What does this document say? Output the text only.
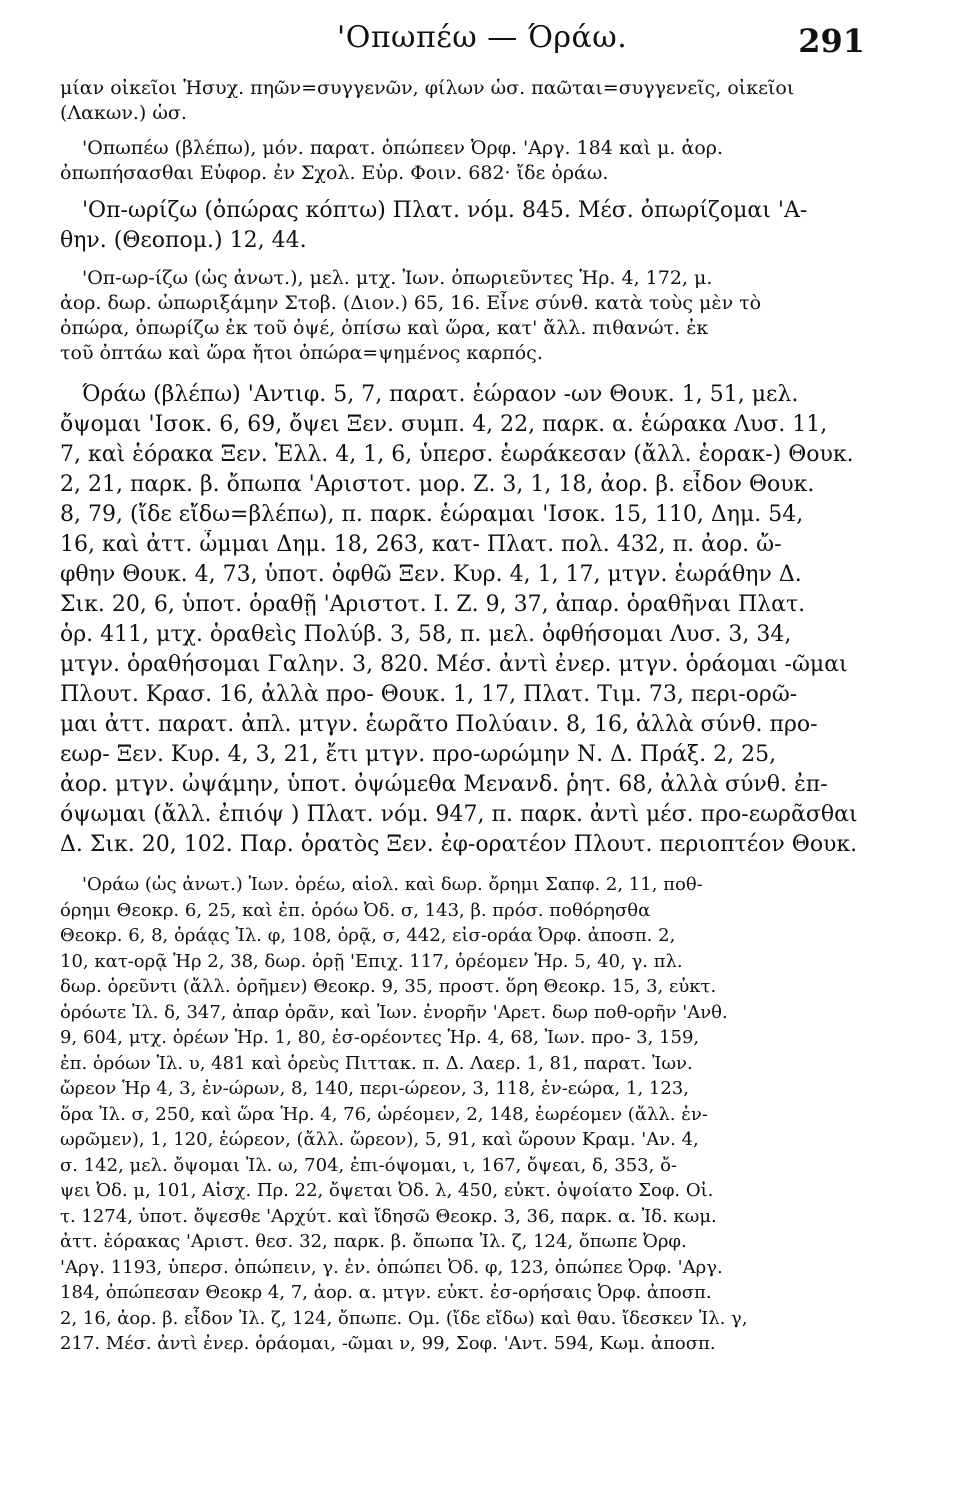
'Οπωπέω — Όράω.	291

μίαν οἰκεῖοι Ἡσυχ. πηῶν=συγγενῶν, φίλων ὡσ. παῶται=συγγενεῖς, οἰκεῖοι

(Λακων.) ὡσ.

'Οπωπέω (βλέπω), μόν. παρατ. ὀπώπεεν Ὀρφ. 'Αργ. 184 καὶ μ. ἀορ.

ὀπωπήσασθαι Εὐφορ. ἐν Σχολ. Εὐρ. Φοιν. 682· ἴδε ὁράω.

'Οπ-ωρίζω (ὀπώρας κόπτω) Πλατ. νόμ. 845. Μέσ. ὀπωρίζομαι 'Α-

θην. (Θεοπομ.) 12, 44.

'Οπ-ωρ-ίζω (ὡς ἀνωτ.), μελ. μτχ. Ἰων. ὀπωριεῦντες Ἡρ. 4, 172, μ.

ἀορ. δωρ. ὠπωριξάμην Στοβ. (Διον.) 65, 16. Εἶνε σύνθ. κατὰ τοὺς μὲν τὸ

ὀπώρα, ὀπωρίζω ἐκ τοῦ ὀψέ, ὀπίσω καὶ ὥρα, κατ' ἄλλ. πιθανώτ. ἐκ

τοῦ ὀπτάω καὶ ὥρα ἤτοι ὀπώρα=ψημένος καρπός.

Όράω (βλέπω) 'Αντιφ. 5, 7, παρατ. ἑώραον -ων Θουκ. 1, 51, μελ.

ὄψομαι 'Ισοκ. 6, 69, ὄψει Ξεν. συμπ. 4, 22, παρκ. α. ἑώρακα Λυσ. 11,

7, καὶ ἑόρακα Ξεν. Ἑλλ. 4, 1, 6, ὑπερσ. ἑωράκεσαν (ἄλλ. ἑορακ-) Θουκ.

2, 21, παρκ. β. ὄπωπα 'Αριστοτ. μορ. Ζ. 3, 1, 18, ἀορ. β. εἶδον Θουκ.

8, 79, (ἴδε εἴδω=βλέπω), π. παρκ. ἑώραμαι 'Ισοκ. 15, 110, Δημ. 54,

16, καὶ ἀττ. ὦμμαι Δημ. 18, 263, κατ- Πλατ. πολ. 432, π. ἀορ. ὤ-

φθην Θουκ. 4, 73, ὑποτ. ὀφθῶ Ξεν. Κυρ. 4, 1, 17, μτγν. ἑωράθην Δ.

Σικ. 20, 6, ὑποτ. ὁραθῇ 'Αριστοτ. Ι. Ζ. 9, 37, ἀπαρ. ὁραθῆναι Πλατ.

ὁρ. 411, μτχ. ὁραθεὶς Πολύβ. 3, 58, π. μελ. ὀφθήσομαι Λυσ. 3, 34,

μτγν. ὁραθήσομαι Γαλην. 3, 820. Μέσ. ἀντὶ ἐνερ. μτγν. ὁράομαι -ῶμαι

Πλουτ. Κρασ. 16, ἀλλὰ προ- Θουκ. 1, 17, Πλατ. Τιμ. 73, περι-ορῶ-

μαι ἀττ. παρατ. ἀπλ. μτγν. ἑωρᾶτο Πολύαιν. 8, 16, ἀλλὰ σύνθ. προ-

εωρ- Ξεν. Κυρ. 4, 3, 21, ἔτι μτγν. προ-ωρώμην Ν. Δ. Πράξ. 2, 25,

ἀορ. μτγν. ὠψάμην, ὑποτ. ὀψώμεθα Μενανδ. ῥητ. 68, ἀλλὰ σύνθ. ἐπ-

όψωμαι (ἄλλ. ἐπιόψ ) Πλατ. νόμ. 947, π. παρκ. ἀντὶ μέσ. προ-εωρᾶσθαι

Δ. Σικ. 20, 102. Παρ. ὁρατὸς Ξεν. ἐφ-ορατέον Πλουτ. περιοπτέον Θουκ.

'Οράω (ὡς ἀνωτ.) Ἰων. ὁρέω, αἰολ. καὶ δωρ. ὄρημι Σαπφ. 2, 11, ποθ-

όρημι Θεοκρ. 6, 25, καὶ ἐπ. ὁρόω Ὀδ. σ, 143, β. πρόσ. ποθόρησθα

Θεοκρ. 6, 8, ὁράᾳς Ἰλ. φ, 108, ὁρᾷ, σ, 442, εἰσ-οράα Ὀρφ. ἀποσπ. 2,

10, κατ-ορᾷ Ἡρ 2, 38, δωρ. ὁρῇ 'Επιχ. 117, ὁρέομεν Ἡρ. 5, 40, γ. πλ.

δωρ. ὁρεῦντι (ἄλλ. ὁρῆμεν) Θεοκρ. 9, 35, προστ. ὅρη Θεοκρ. 15, 3, εὐκτ.

ὁρόωτε Ἰλ. δ, 347, ἀπαρ ὁρᾶν, καὶ Ἰων. ἐνορῆν 'Αρετ. δωρ ποθ-ορῆν 'Ανθ.

9, 604, μτχ. ὁρέων Ἡρ. 1, 80, ἐσ-ορέοντες Ἡρ. 4, 68, Ἰων. προ- 3, 159,

ἐπ. ὁρόων Ἰλ. υ, 481 καὶ ὁρεὺς Πιττακ. π. Δ. Λαερ. 1, 81, παρατ. Ἰων.

ὤρεον Ἡρ 4, 3, ἐν-ώρων, 8, 140, περι-ώρεον, 3, 118, ἐν-εώρα, 1, 123,

ὅρα Ἰλ. σ, 250, καὶ ὥρα Ἡρ. 4, 76, ὡρέομεν, 2, 148, ἑωρέομεν (ἄλλ. ἐν-

ωρῶμεν), 1, 120, ἑώρεον, (ἄλλ. ὥρεον), 5, 91, καὶ ὥρουν Κραμ. 'Αν. 4,

σ. 142, μελ. ὄψομαι Ἰλ. ω, 704, ἐπι-όψομαι, ι, 167, ὄψεαι, δ, 353, ὄ-

ψει Ὀδ. μ, 101, Αἰσχ. Πρ. 22, ὄψεται Ὀδ. λ, 450, εὐκτ. ὀψοίατο Σοφ. Οἰ.

τ. 1274, ὑποτ. ὄψεσθε 'Αρχύτ. καὶ ἴδησῶ Θεοκρ. 3, 36, παρκ. α. Ἰδ. κωμ.

ἀττ. ἑόρακας 'Αριστ. θεσ. 32, παρκ. β. ὄπωπα Ἰλ. ζ, 124, ὄπωπε Ὀρφ.

'Αργ. 1193, ὑπερσ. ὀπώπειν, γ. ἐν. ὀπώπει Ὀδ. φ, 123, ὀπώπεε Ὀρφ. 'Αργ.

184, ὀπώπεσαν Θεοκρ 4, 7, ἀορ. α. μτγν. εὐκτ. ἐσ-ορήσαις Ὀρφ. ἀποσπ.

2, 16, ἀορ. β. εἶδον Ἰλ. ζ, 124, ὄπωπε. Ομ. (ἴδε εἴδω) καὶ θαυ. ἴδεσκεν Ἰλ. γ,

217. Μέσ. ἀντὶ ἐνερ. ὁράομαι, -ῶμαι ν, 99, Σοφ. 'Αντ. 594, Κωμ. ἀποσπ.
